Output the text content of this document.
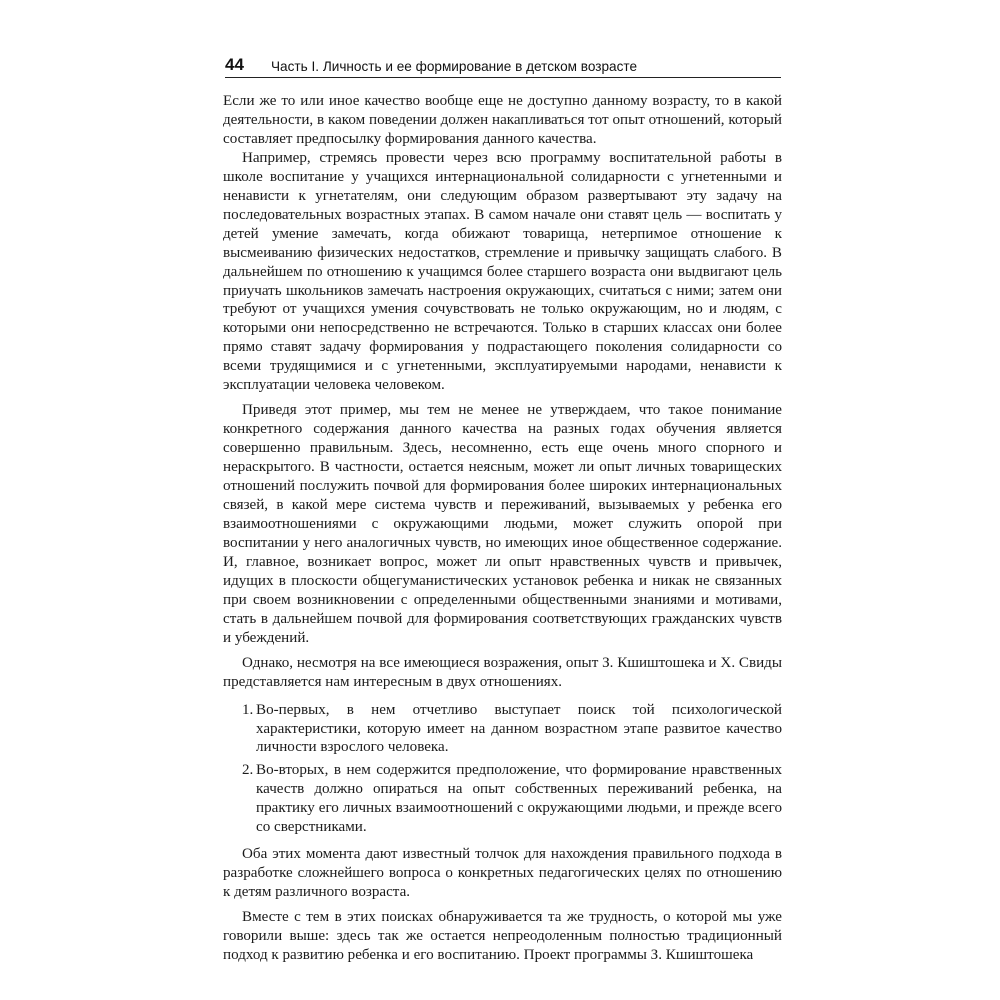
44 Часть I. Личность и ее формирование в детском возрасте

Если же то или иное качество вообще еще не доступно данному возрасту, то в какой деятельности, в каком поведении должен накапливаться тот опыт отношений, который составляет предпосылку формирования данного качества.

Например, стремясь провести через всю программу воспитательной работы в школе воспитание у учащихся интернациональной солидарности с угнетенными и ненависти к угнетателям, они следующим образом развертывают эту задачу на последовательных возрастных этапах. В самом начале они ставят цель — воспитать у детей умение замечать, когда обижают товарища, нетерпимое отношение к высмеиванию физических недостатков, стремление и привычку защищать слабого. В дальнейшем по отношению к учащимся более старшего возраста они выдвигают цель приучать школьников замечать настроения окружающих, считаться с ними; затем они требуют от учащихся умения сочувствовать не только окружающим, но и людям, с которыми они непосредственно не встречаются. Только в старших классах они более прямо ставят задачу формирования у подрастающего поколения солидарности со всеми трудящимися и с угнетенными, эксплуатируемыми народами, ненависти к эксплуатации человека человеком.

Приведя этот пример, мы тем не менее не утверждаем, что такое понимание конкретного содержания данного качества на разных годах обучения является совершенно правильным. Здесь, несомненно, есть еще очень много спорного и нераскрытого. В частности, остается неясным, может ли опыт личных товарищеских отношений послужить почвой для формирования более широких интернациональных связей, в какой мере система чувств и переживаний, вызываемых у ребенка его взаимоотношениями с окружающими людьми, может служить опорой при воспитании у него аналогичных чувств, но имеющих иное общественное содержание. И, главное, возникает вопрос, может ли опыт нравственных чувств и привычек, идущих в плоскости общегуманистических установок ребенка и никак не связанных при своем возникновении с определенными общественными знаниями и мотивами, стать в дальнейшем почвой для формирования соответствующих гражданских чувств и убеждений.

Однако, несмотря на все имеющиеся возражения, опыт З. Кшиштошека и Х. Свиды представляется нам интересным в двух отношениях.

1. Во-первых, в нем отчетливо выступает поиск той психологической характеристики, которую имеет на данном возрастном этапе развитое качество личности взрослого человека.
2. Во-вторых, в нем содержится предположение, что формирование нравственных качеств должно опираться на опыт собственных переживаний ребенка, на практику его личных взаимоотношений с окружающими людьми, и прежде всего со сверстниками.

Оба этих момента дают известный толчок для нахождения правильного подхода в разработке сложнейшего вопроса о конкретных педагогических целях по отношению к детям различного возраста.

Вместе с тем в этих поисках обнаруживается та же трудность, о которой мы уже говорили выше: здесь так же остается непреодоленным полностью традиционный подход к развитию ребенка и его воспитанию. Проект программы З. Кшиштошека
